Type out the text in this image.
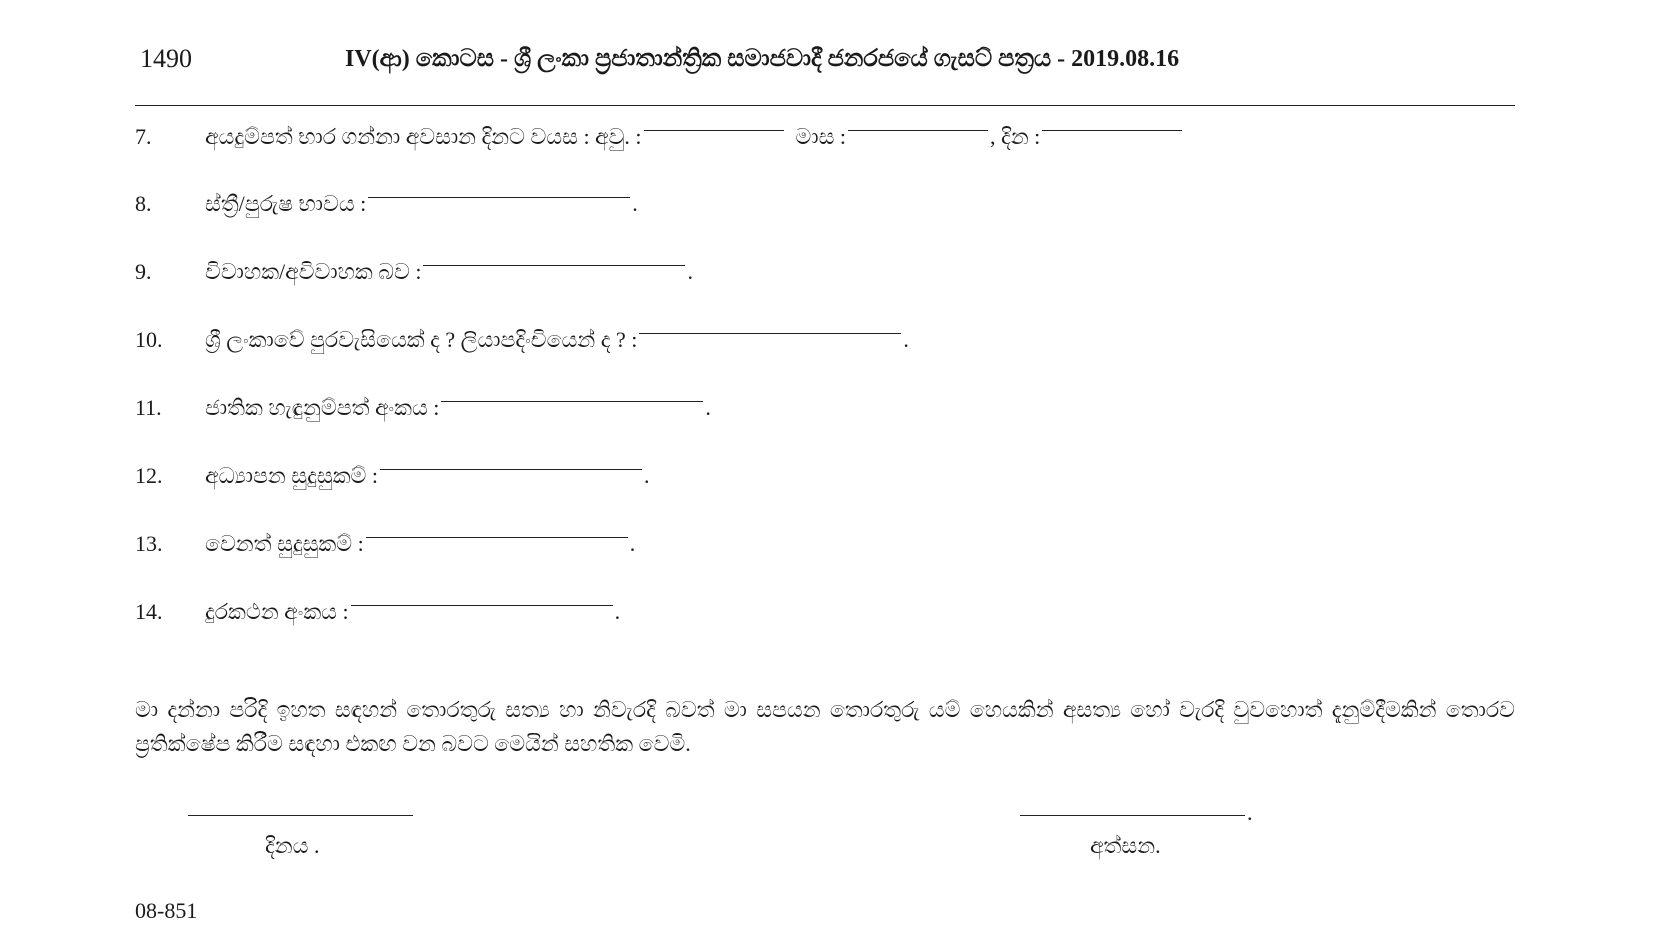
1490	IV(ආ) කොටස - ශ්‍රී ලංකා ප්‍රජාතාන්ත්‍රික සමාජවාදී ජනරජයේ ගැසට් පත්‍රය - 2019.08.16
7.	අයදුම්පත් භාර ගන්නා අවසාන දිනට වයස : අවු. :	මාස :	, දින :
8.	ස්ත්‍රී/පුරුෂ භාවය :	.
9.	විවාහක/අවිවාහක බව :	.
10.	ශ්‍රී ලංකාවේ පුරවැසියෙක් ද ? ලියාපදිංචියෙන් ද ? :	.
11.	ජාතික හැඳුනුම්පත් අංකය :	.
12.	අධ්‍යාපන සුදුසුකම් :	.
13.	වෙනත් සුදුසුකම් :	.
14.	දුරකථන අංකය :	.
මා දන්නා පරිදි ඉහත සඳහන් තොරතුරු සත්‍ය හා නිවැරදි බවත් මා සපයන තොරතුරු යම් හෙයකින් අසත්‍ය හෝ වැරදි වුවහොත් දැනුම්දීමකින් තොරව ප්‍රතික්ෂේප කිරීම සඳහා එකඟ වන බවට මෙයින් සහතික වෙමි.
දිනය .
.
අත්සන.
08-851
